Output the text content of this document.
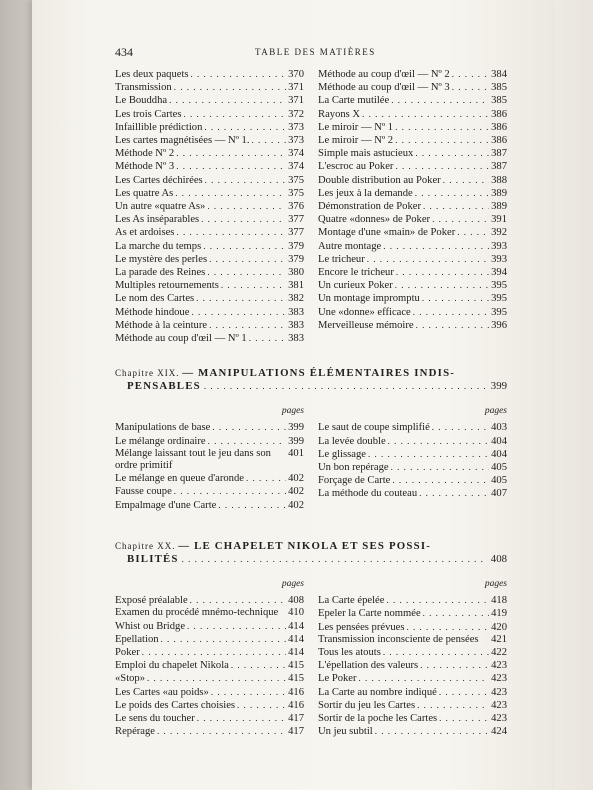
434	TABLE DES MATIÈRES
Les deux paquets . . .	370
Transmission . . .	371
Le Bouddha . . .	371
Les trois Cartes . . .	372
Infaillible prédiction . . .	373
Les cartes magnétisées — Nº 1. . . .	373
Méthode Nº 2 . . .	374
Méthode Nº 3 . . .	374
Les Cartes déchirées . . .	375
Les quatre As . . .	375
Un autre «quatre As» . . .	376
Les As inséparables . . .	377
As et ardoises . . .	377
La marche du temps . . .	379
Le mystère des perles . . .	379
La parade des Reines . . .	380
Multiples retournements . . .	381
Le nom des Cartes . . .	382
Méthode hindoue . . .	383
Méthode à la ceinture . . .	383
Méthode au coup d'œil — Nº 1 . . .	383
Méthode au coup d'œil — Nº 2 . . .	384
Méthode au coup d'œil — Nº 3 . . .	385
La Carte mutilée . . .	385
Rayons X . . .	386
Le miroir — Nº 1 . . .	386
Le miroir — Nº 2 . . .	386
Simple mais astucieux . . .	387
L'escroc au Poker . . .	387
Double distribution au Poker . . .	388
Les jeux à la demande . . .	389
Démonstration de Poker . . .	389
Quatre «donnes» de Poker . . .	391
Montage d'une «main» de Poker . . .	392
Autre montage . . .	393
Le tricheur . . .	393
Encore le tricheur . . .	394
Un curieux Poker . . .	395
Un montage impromptu . . .	395
Une «donne» efficace . . .	395
Merveilleuse mémoire . . .	396
Chapitre XIX. — MANIPULATIONS ÉLÉMENTAIRES INDIS-
PENSABLES . . .	399
pages	pages
Manipulations de base . . .	399
Le mélange ordinaire . . .	399
Mélange laissant tout le jeu dans son ordre primitif
401
Le mélange en queue d'aronde . . .	402
Fausse coupe . . .	402
Empalmage d'une Carte . . .	402
Le saut de coupe simplifié . . .	403
La levée double . . .	404
Le glissage . . .	404
Un bon repérage . . .	405
Forçage de Carte . . .	405
La méthode du couteau . . .	407
Chapitre XX. — LE CHAPELET NIKOLA ET SES POSSI-
BILITÉS . . .	408
pages	pages
Exposé préalable . . .	408
Examen du procédé mnémo-technique 410
Whist ou Bridge . . .	414
Epellation . . .	414
Poker . . .	414
Emploi du chapelet Nikola . . .	415
«Stop» . . .	415
Les Cartes «au poids» . . .	416
Le poids des Cartes choisies . . .	416
Le sens du toucher . . .	417
Repérage . . .	417
La Carte épelée . . .	418
Epeler la Carte nommée . . .	419
Les pensées prévues . . .	420
Transmission inconsciente de pensées	421
Tous les atouts . . .	422
L'épellation des valeurs . . .	423
Le Poker . . .	423
La Carte au nombre indiqué . . .	423
Sortir du jeu les Cartes . . .	423
Sortir de la poche les Cartes . . .	423
Un jeu subtil . . .	424
